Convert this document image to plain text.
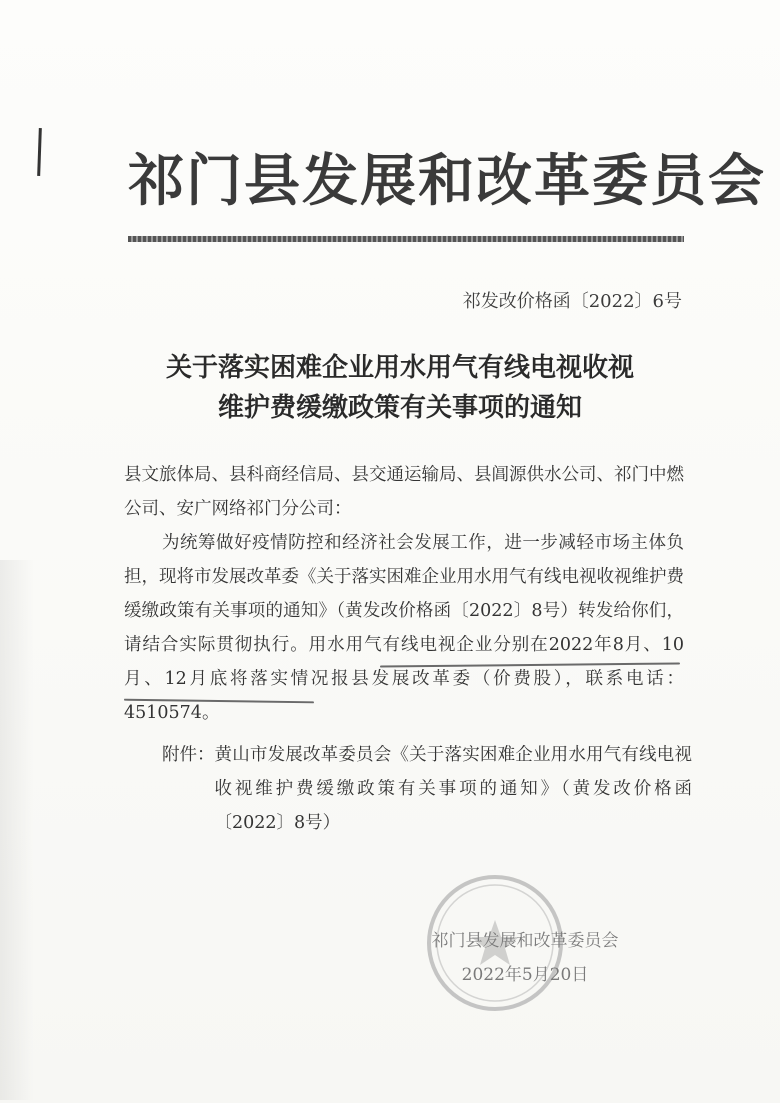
祁门县发展和改革委员会
祁发改价格函〔2022〕6号
关于落实困难企业用水用气有线电视收视
维护费缓缴政策有关事项的通知
县文旅体局、县科商经信局、县交通运输局、县阊源供水公司、祁门中燃公司、安广网络祁门分公司：
为统筹做好疫情防控和经济社会发展工作，进一步减轻市场主体负担，现将市发展改革委《关于落实困难企业用水用气有线电视收视维护费缓缴政策有关事项的通知》（黄发改价格函〔2022〕8号）转发给你们，请结合实际贯彻执行。用水用气有线电视企业分别在2022年8月、10月、12月底将落实情况报县发展改革委（价费股），联系电话：4510574。
附件： 黄山市发展改革委员会《关于落实困难企业用水用气有线电视收视维护费缓缴政策有关事项的通知》（黄发改价格函〔2022〕8号）
祁门县发展和改革委员会
2022年5月20日
